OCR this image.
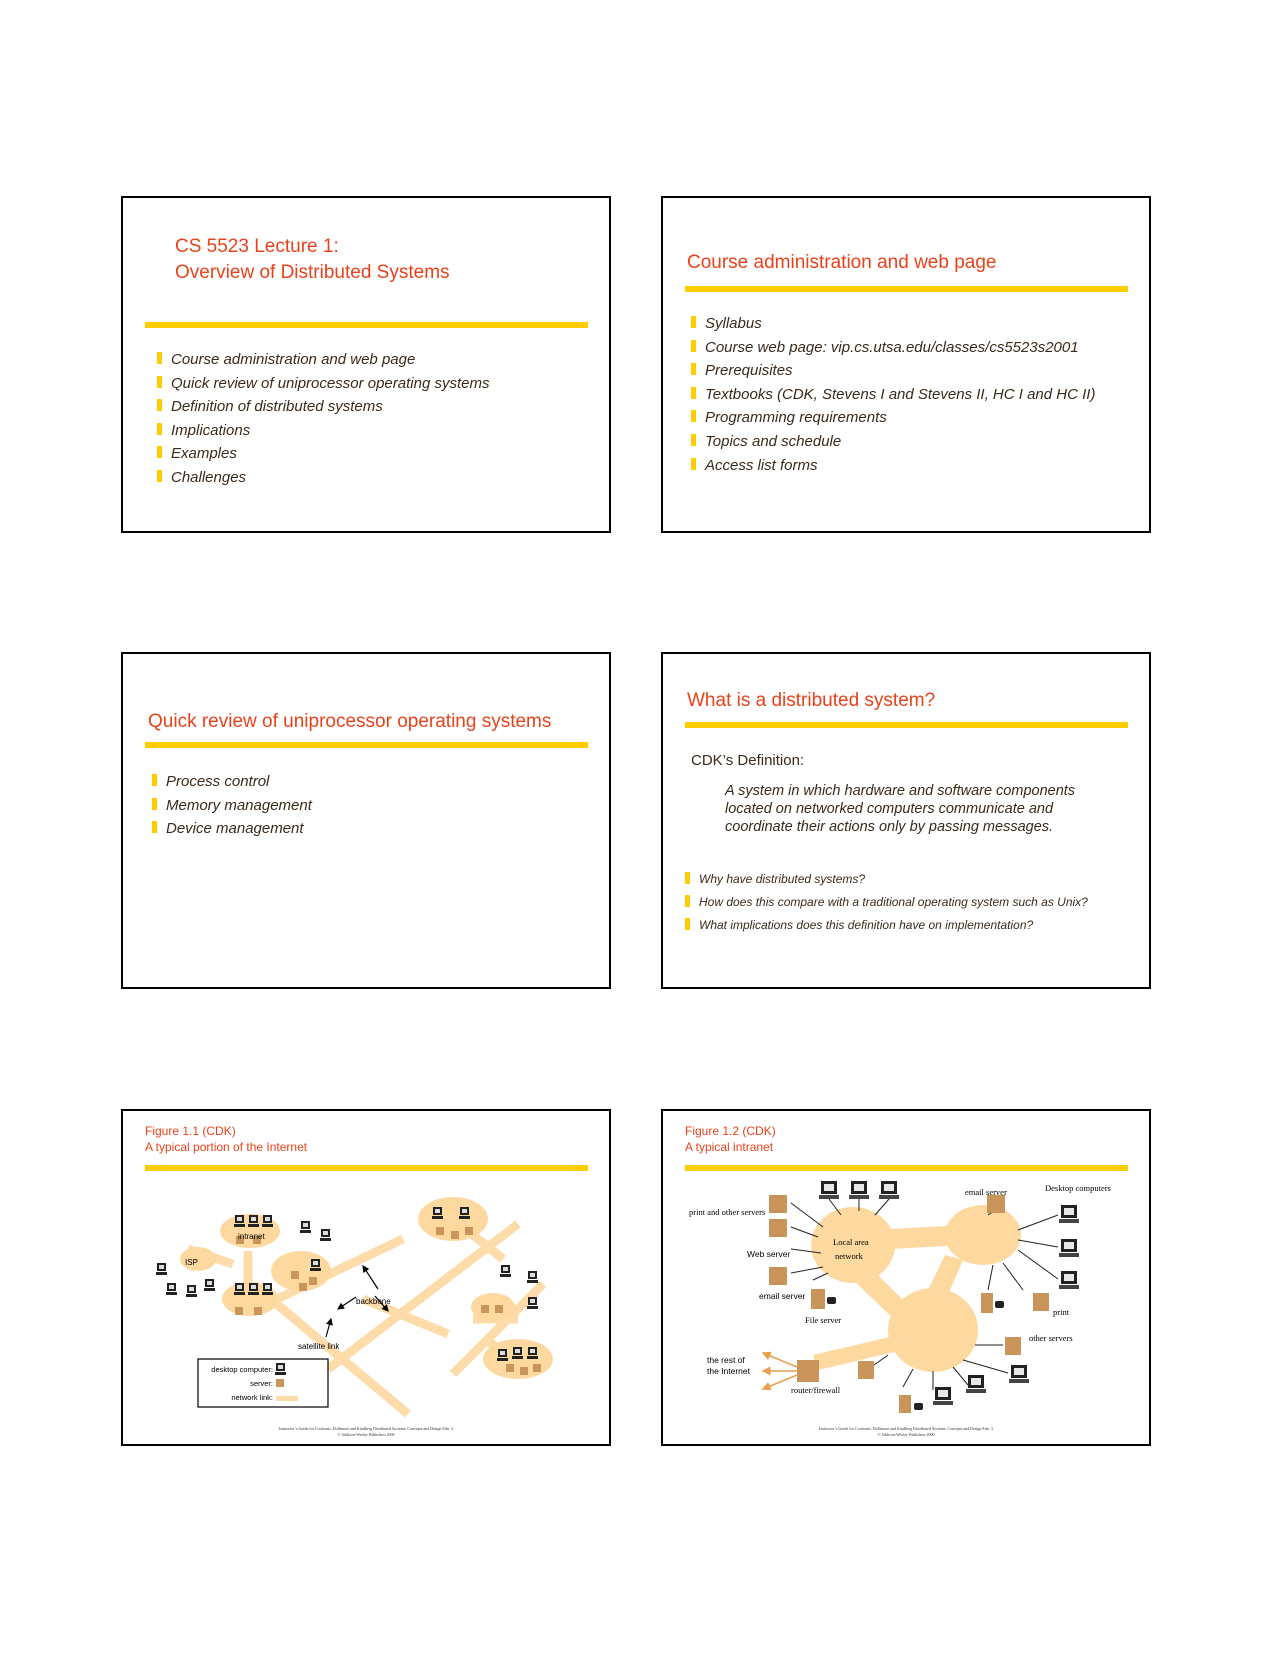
CS 5523 Lecture 1:
Overview of Distributed Systems
Course administration and web page
Quick review of uniprocessor operating systems
Definition of distributed systems
Implications
Examples
Challenges
Course administration and web page
Syllabus
Course web page: vip.cs.utsa.edu/classes/cs5523s2001
Prerequisites
Textbooks (CDK, Stevens I and Stevens II, HC I and HC II)
Programming requirements
Topics and schedule
Access list forms
Quick review of uniprocessor operating systems
Process control
Memory management
Device management
What is a distributed system?
CDK’s Definition:
A system in which hardware and software components
located on networked computers communicate and
coordinate their actions only by passing messages.
Why have distributed systems?
How does this compare with a traditional operating system such as Unix?
What implications does this definition have on implementation?
Figure 1.1 (CDK)
A typical portion of the Internet
intranet
ISP
backbone
satellite link
desktop computer:
server:
network link:
Instructor’s Guide for Coulouris, Dollimore and Kindberg Distributed Systems: Concepts and Design Edn. 3
© Addison-Wesley Publishers 2000
Figure 1.2 (CDK)
A typical intranet
email server	Desktop computers
print and other servers
Local area
network
Web server
email server
File server
print
other servers
the rest of
the Internet
router/firewall
Instructor’s Guide for Coulouris, Dollimore and Kindberg Distributed Systems: Concepts and Design Edn. 3
© Addison-Wesley Publishers 2000
